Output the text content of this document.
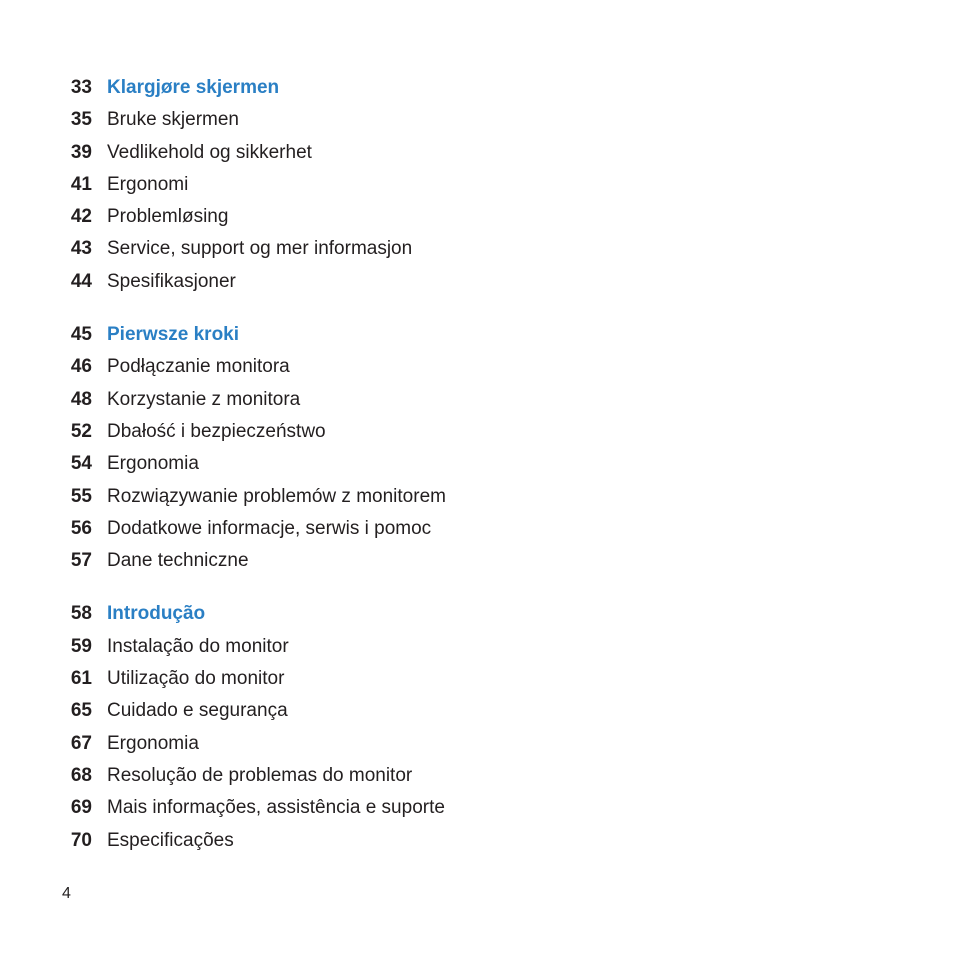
33 Klargjøre skjermen
35 Bruke skjermen
39 Vedlikehold og sikkerhet
41 Ergonomi
42 Problemløsing
43 Service, support og mer informasjon
44 Spesifikasjoner
45 Pierwsze kroki
46 Podłączanie monitora
48 Korzystanie z monitora
52 Dbałość i bezpieczeństwo
54 Ergonomia
55 Rozwiązywanie problemów z monitorem
56 Dodatkowe informacje, serwis i pomoc
57 Dane techniczne
58 Introdução
59 Instalação do monitor
61 Utilização do monitor
65 Cuidado e segurança
67 Ergonomia
68 Resolução de problemas do monitor
69 Mais informações, assistência e suporte
70 Especificações
4
